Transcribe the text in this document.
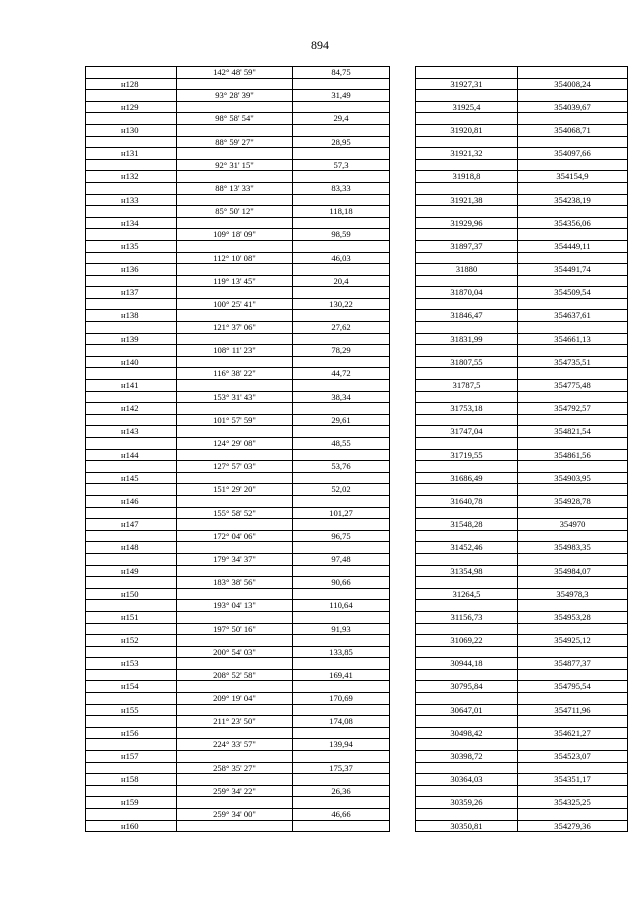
894
	142° 48' 59"	84,75			
н128				31927,31	354008,24
	93° 28' 39"	31,49			
н129				31925,4	354039,67
	98° 58' 54"	29,4			
н130				31920,81	354068,71
	88° 59' 27"	28,95			
н131				31921,32	354097,66
	92° 31' 15"	57,3			
н132				31918,8	354154,9
	88° 13' 33"	83,33			
н133				31921,38	354238,19
	85° 50' 12"	118,18			
н134				31929,96	354356,06
	109° 18' 09"	98,59			
н135				31897,37	354449,11
	112° 10' 08"	46,03			
н136				31880	354491,74
	119° 13' 45"	20,4			
н137				31870,04	354509,54
	100° 25' 41"	130,22			
н138				31846,47	354637,61
	121° 37' 06"	27,62			
н139				31831,99	354661,13
	108° 11' 23"	78,29			
н140				31807,55	354735,51
	116° 38' 22"	44,72			
н141				31787,5	354775,48
	153° 31' 43"	38,34			
н142				31753,18	354792,57
	101° 57' 59"	29,61			
н143				31747,04	354821,54
	124° 29' 08"	48,55			
н144				31719,55	354861,56
	127° 57' 03"	53,76			
н145				31686,49	354903,95
	151° 29' 20"	52,02			
н146				31640,78	354928,78
	155° 58' 52"	101,27			
н147				31548,28	354970
	172° 04' 06"	96,75			
н148				31452,46	354983,35
	179° 34' 37"	97,48			
н149				31354,98	354984,07
	183° 38' 56"	90,66			
н150				31264,5	354978,3
	193° 04' 13"	110,64			
н151				31156,73	354953,28
	197° 50' 16"	91,93			
н152				31069,22	354925,12
	200° 54' 03"	133,85			
н153				30944,18	354877,37
	208° 52' 58"	169,41			
н154				30795,84	354795,54
	209° 19' 04"	170,69			
н155				30647,01	354711,96
	211° 23' 50"	174,08			
н156				30498,42	354621,27
	224° 33' 57"	139,94			
н157				30398,72	354523,07
	258° 35' 27"	175,37			
н158				30364,03	354351,17
	259° 34' 22"	26,36			
н159				30359,26	354325,25
	259° 34' 00"	46,66			
н160				30350,81	354279,36
